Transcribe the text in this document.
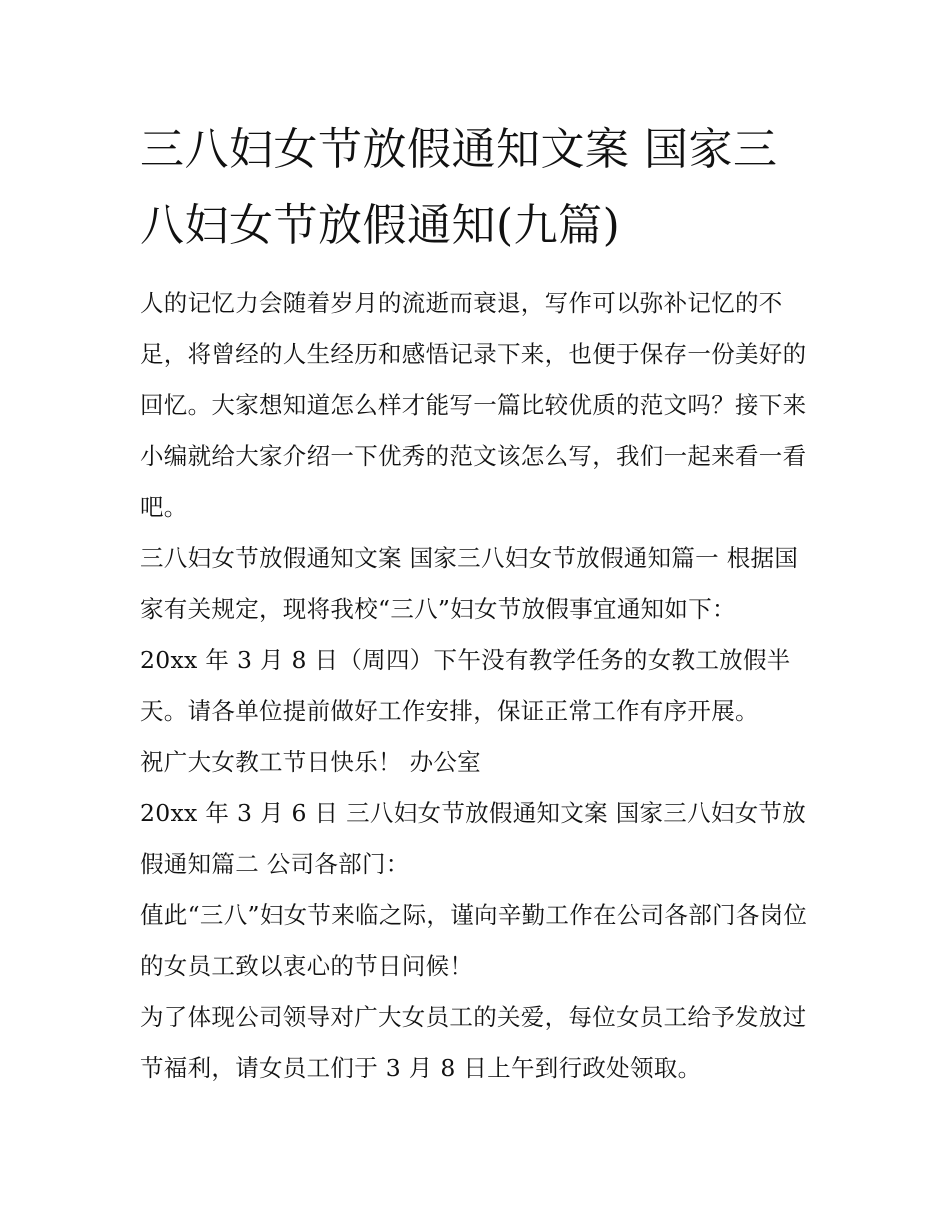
三八妇女节放假通知文案 国家三八妇女节放假通知(九篇)

人的记忆力会随着岁月的流逝而衰退，写作可以弥补记忆的不足，将曾经的人生经历和感悟记录下来，也便于保存一份美好的回忆。大家想知道怎么样才能写一篇比较优质的范文吗？接下来小编就给大家介绍一下优秀的范文该怎么写，我们一起来看一看吧。

三八妇女节放假通知文案 国家三八妇女节放假通知篇一 根据国家有关规定，现将我校“三八”妇女节放假事宜通知如下：

20xx 年 3 月 8 日（周四）下午没有教学任务的女教工放假半天。请各单位提前做好工作安排，保证正常工作有序开展。

祝广大女教工节日快乐！ 办公室

20xx 年 3 月 6 日 三八妇女节放假通知文案 国家三八妇女节放假通知篇二 公司各部门：

值此“三八”妇女节来临之际，谨向辛勤工作在公司各部门各岗位的女员工致以衷心的节日问候！

为了体现公司领导对广大女员工的关爱，每位女员工给予发放过节福利，请女员工们于 3 月 8 日上午到行政处领取。
